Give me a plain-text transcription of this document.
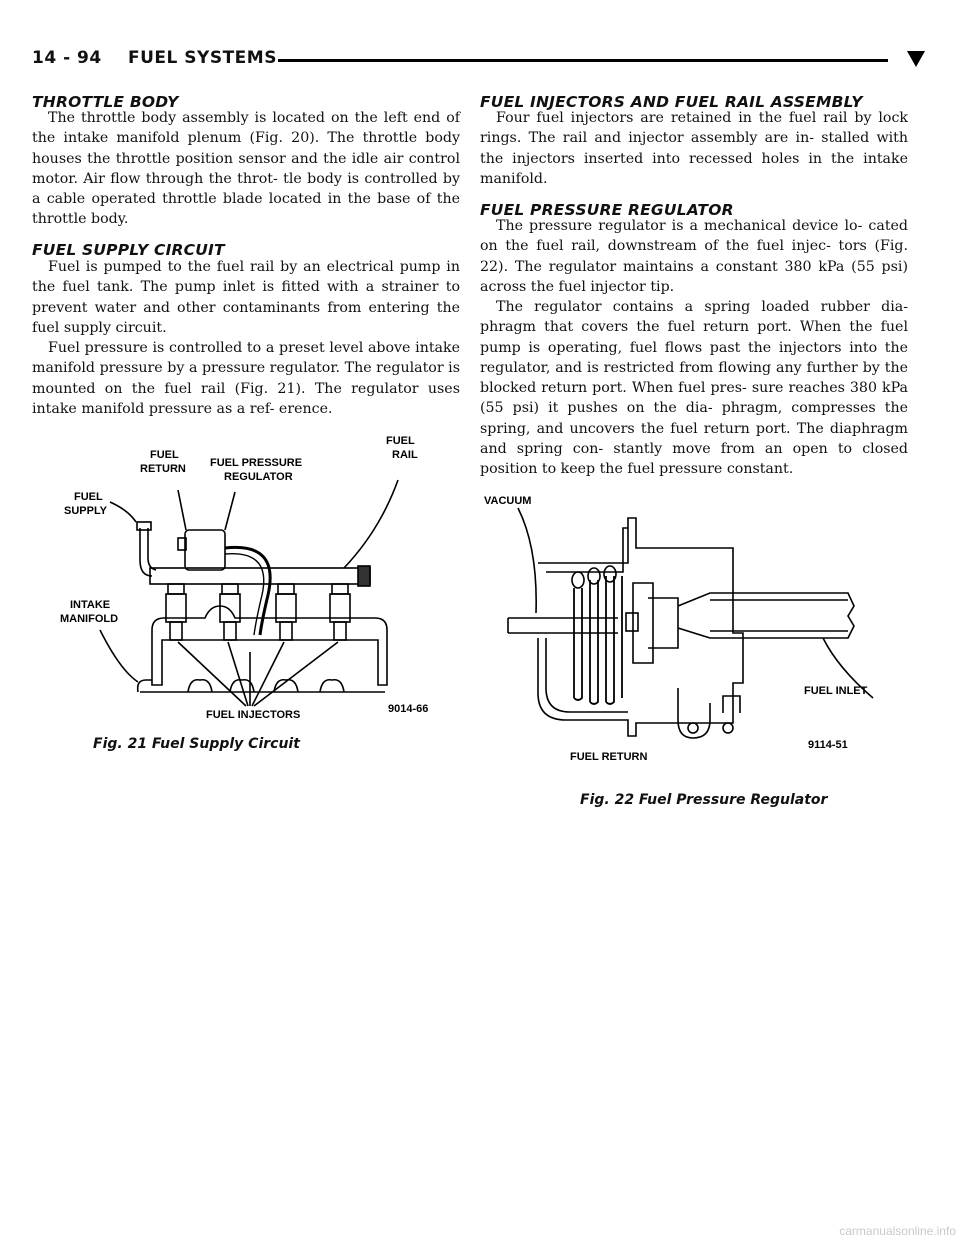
14 - 94 FUEL SYSTEMS
THROTTLE BODY

The throttle body assembly is located on the left end of the intake manifold plenum (Fig. 20). The throttle body houses the throttle position sensor and the idle air control motor. Air flow through the throt- tle body is controlled by a cable operated throttle blade located in the base of the throttle body.

FUEL SUPPLY CIRCUIT

Fuel is pumped to the fuel rail by an electrical pump in the fuel tank. The pump inlet is fitted with a strainer to prevent water and other contaminants from entering the fuel supply circuit.

Fuel pressure is controlled to a preset level above intake manifold pressure by a pressure regulator. The regulator is mounted on the fuel rail (Fig. 21). The regulator uses intake manifold pressure as a ref- erence.

FUEL
RETURN FUEL PRESSURE
REGULATOR
FUEL
RAIL
FUEL
SUPPLY
INTAKE
MANIFOLD
FUEL INJECTORS	9014-66
Fig. 21 Fuel Supply Circuit
FUEL INJECTORS AND FUEL RAIL ASSEMBLY

Four fuel injectors are retained in the fuel rail by lock rings. The rail and injector assembly are in- stalled with the injectors inserted into recessed holes in the intake manifold.

FUEL PRESSURE REGULATOR

The pressure regulator is a mechanical device lo- cated on the fuel rail, downstream of the fuel injec- tors (Fig. 22). The regulator maintains a constant 380 kPa (55 psi) across the fuel injector tip.

The regulator contains a spring loaded rubber dia- phragm that covers the fuel return port. When the fuel pump is operating, fuel flows past the injectors into the regulator, and is restricted from flowing any further by the blocked return port. When fuel pres- sure reaches 380 kPa (55 psi) it pushes on the dia- phragm, compresses the spring, and uncovers the fuel return port. The diaphragm and spring con- stantly move from an open to closed position to keep the fuel pressure constant.

VACUUM
FUEL INLET
FUEL RETURN
9114-51
Fig. 22 Fuel Pressure Regulator
carmanualsonline.info
